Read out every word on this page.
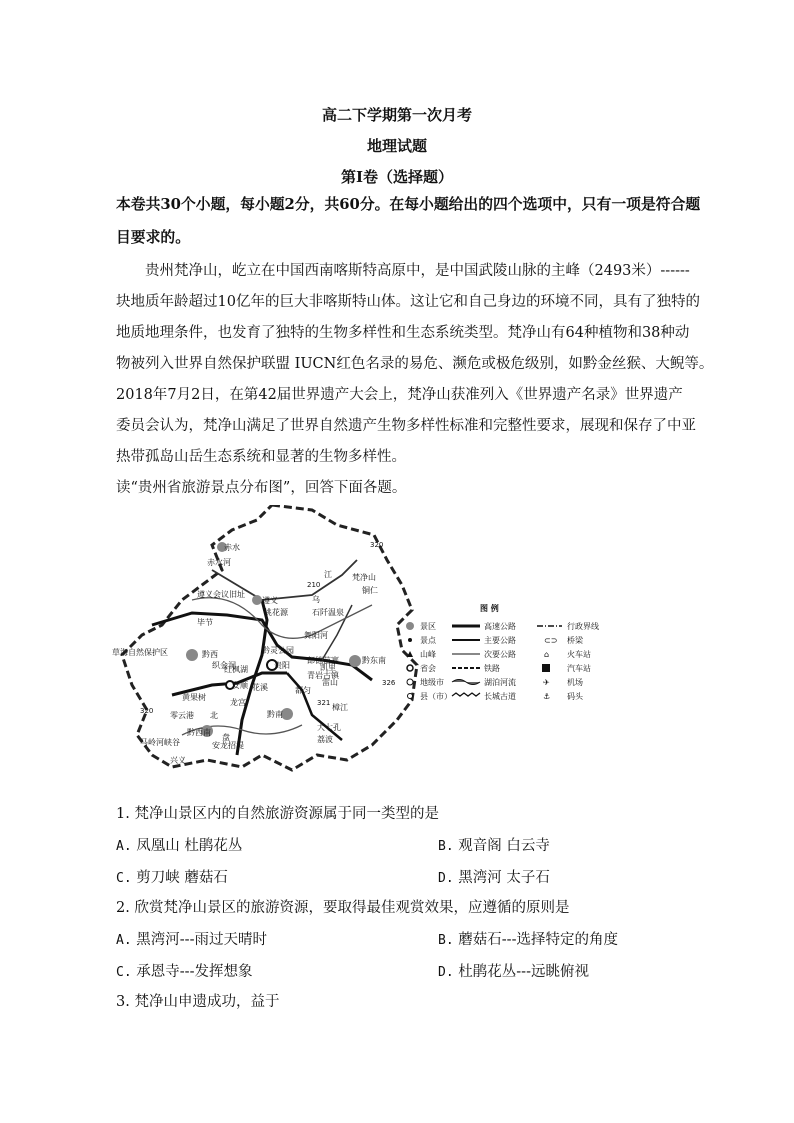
高二下学期第一次月考
地理试题
第Ⅰ卷（选择题）
本卷共30个小题，每小题2分，共60分。在每小题给出的四个选项中，只有一项是符合题
目要求的。
贵州梵净山，屹立在中国西南喀斯特高原中，是中国武陵山脉的主峰（2493米）------
块地质年龄超过10亿年的巨大非喀斯特山体。这让它和自己身边的环境不同，具有了独特的
地质地理条件，也发育了独特的生物多样性和生态系统类型。梵净山有64种植物和38种动
物被列入世界自然保护联盟 IUCN红色名录的易危、濒危或极危级别，如黔金丝猴、大鲵等。
2018年7月2日，在第42届世界遗产大会上，梵净山获准列入《世界遗产名录》世界遗产
委员会认为，梵净山满足了世界自然遗产生物多样性标准和完整性要求，展现和保存了中亚
热带孤岛山岳生态系统和显著的生物多样性。
读“贵州省旅游景点分布图”，回答下面各题。
赤水
赤水河
遵义会议旧址
遵义
桃花源	石阡温泉
梵净山
铜仁
乌
江
毕节
草海自然保护区	黔西
织金洞
红枫湖	贵阳
黔灵公园
舞阳河
凯里
黔东南
都匀
黄果树
安顺
龙宫
花溪
青岩古镇
雷山
郎德苗寨
黔南
大七孔
荔波
樟江
黔西南
安龙招堤
马岭河峡谷
兴义
零云港 北
盘
320
321
326
210
320
图 例
景区
景点
山峰
省会
地级市
县（市）
高速公路
主要公路
次要公路
铁路
湖泊河流
长城古道
行政界线
⊂⊃ 桥梁
⌂ 火车站
汽车站
✈ 机场
⚓ 码头
1. 梵净山景区内的自然旅游资源属于同一类型的是
A. 凤凰山 杜鹃花丛	B. 观音阁 白云寺
C. 剪刀峡 蘑菇石	D. 黑湾河 太子石
2. 欣赏梵净山景区的旅游资源，要取得最佳观赏效果，应遵循的原则是
A. 黑湾河---雨过天晴时	B. 蘑菇石---选择特定的角度
C. 承恩寺---发挥想象	D. 杜鹃花丛---远眺俯视
3. 梵净山申遗成功，益于
